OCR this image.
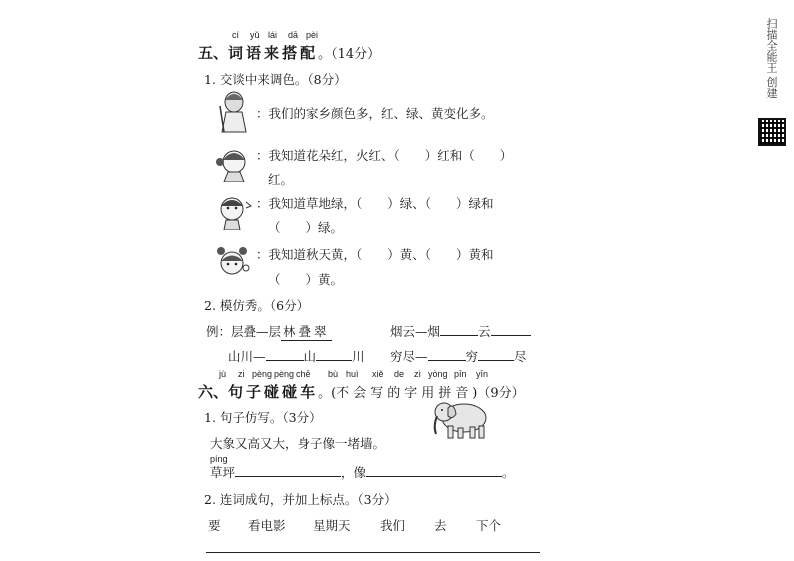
扫描全能王 创建
cí yǔ lái dā pèi
五、词语来搭配。（14分）
1. 交谈中来调色。（8分）
：我们的家乡颜色多，红、绿、黄变化多。
：我知道花朵红，火红、（　　）红和（　　）
红。
：我知道草地绿，（　　）绿、（　　）绿和
（　　）绿。
：我知道秋天黄，（　　）黄、（　　）黄和
（　　）黄。
2. 模仿秀。（6分）
例：层叠—层 林叠翠	烟云—烟	云
山川—	山	川 穷尽—	穷	尽
jù zi pèng pèng chē bù huì xiě de zì yòng pīn yīn
六、句子碰碰车。(不会写的字用拼音)（9分）
1. 句子仿写。（3分）
大象又高又大，身子像一堵墙。
píng
草坪	，像	。
2. 连词成句，并加上标点。（3分）
要 看电影 星期天 我们 去 下个
